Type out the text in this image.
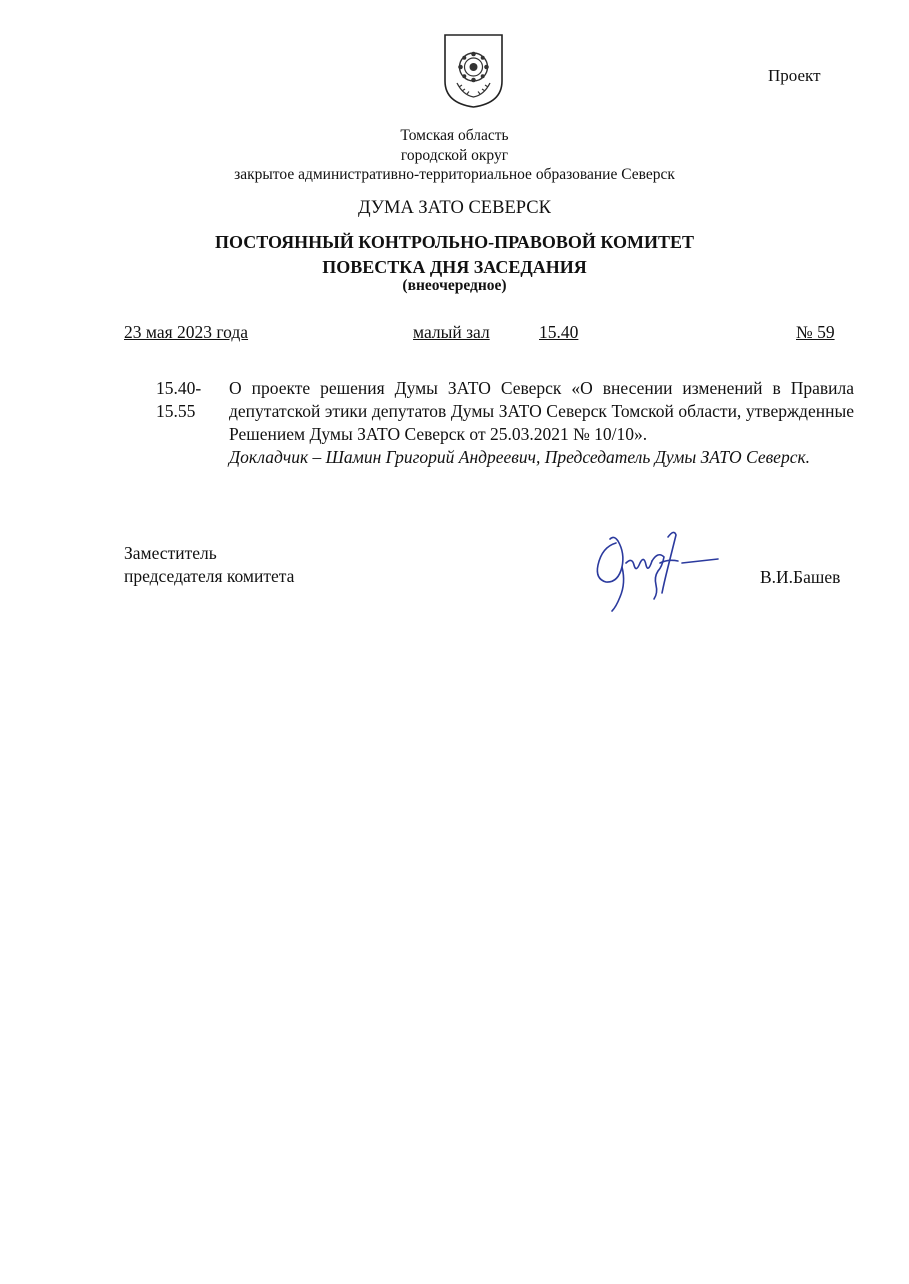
Проект
Томская область
городской округ
закрытое административно-территориальное образование Северск
ДУМА ЗАТО СЕВЕРСК
ПОСТОЯННЫЙ КОНТРОЛЬНО-ПРАВОВОЙ КОМИТЕТ
ПОВЕСТКА ДНЯ ЗАСЕДАНИЯ
(внеочередное)
23 мая 2023 года	малый зал	15.40	№ 59
15.40-
15.55
О проекте решения Думы ЗАТО Северск «О внесении изменений в Правила депутатской этики депутатов Думы ЗАТО Северск Томской области, утвержденные Решением Думы ЗАТО Северск от 25.03.2021 № 10/10».
Докладчик – Шамин Григорий Андреевич, Председатель Думы ЗАТО Северск.
Заместитель
председателя комитета	В.И.Башев
